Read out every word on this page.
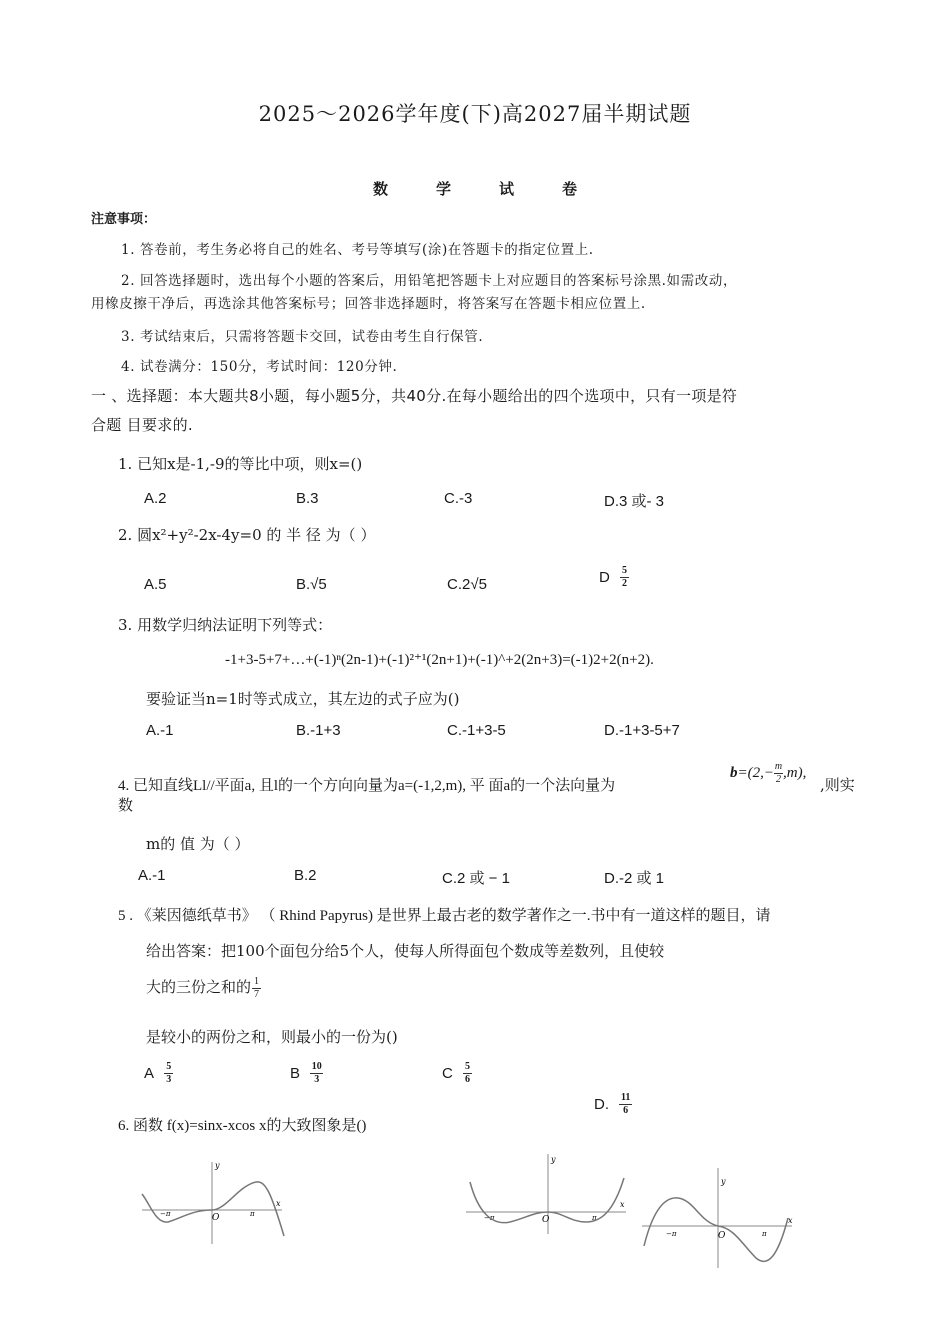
2025～2026学年度(下)高2027届半期试题
数	学	试	卷
注意事项：
1. 答卷前，考生务必将自己的姓名、考号等填写(涂)在答题卡的指定位置上.
2. 回答选择题时，选出每个小题的答案后，用铅笔把答题卡上对应题目的答案标号涂黑.如需改动，
用橡皮擦干净后，再选涂其他答案标号；回答非选择题时，将答案写在答题卡相应位置上.
3. 考试结束后，只需将答题卡交回，试卷由考生自行保管.
4. 试卷满分：150分，考试时间：120分钟.
一 、选择题：本大题共8小题，每小题5分，共40分.在每小题给出的四个选项中，只有一项是符
合题 目要求的.
1. 已知x是-1,-9的等比中项，则x=()
A.2	B.3	C.-3	D.3 或- 3
2. 圆x²+y²-2x-4y=0 的 半 径 为（ ）
A.5	B.√5	C.2√5	D $\frac{5}{2}$
3. 用数学归纳法证明下列等式：
-1+3-5+7+…+(-1)ⁿ(2n-1)+(-1)²⁺¹(2n+1)+(-1)^+2(2n+3)=(-1)2+2(n+2).
要验证当n=1时等式成立，其左边的式子应为()
A.-1	B.-1+3	C.-1+3-5	D.-1+3-5+7
4. 已知直线Ll//平面a, 且l的一个方向向量为a=(-1,2,m), 平 面a的一个法向量为
$b=(2,- \frac{m}{2} ,m)$,
,则实
数
m的 值 为（ ）
A.-1	B.2	C.2 或 − 1	D.-2 或 1
5 . 《莱因德纸草书》 （ Rhind Papyrus) 是世界上最古老的数学著作之一.书中有一道这样的题目，请
给出答案：把100个面包分给5个人，使每人所得面包个数成等差数列，且使较
大的三份之和的 $\frac{1}{7}$
是较小的两份之和，则最小的一份为()
A $\frac{5}{3}$	B $\frac{10}{3}$	C $\frac{5}{6}$
D. $\frac{11}{6}$
6. 函数 f(x)=sinx-xcos x的大致图象是()
y
x
O
−π	π
y
x
O
−π	π
y
x
O
−π	π
